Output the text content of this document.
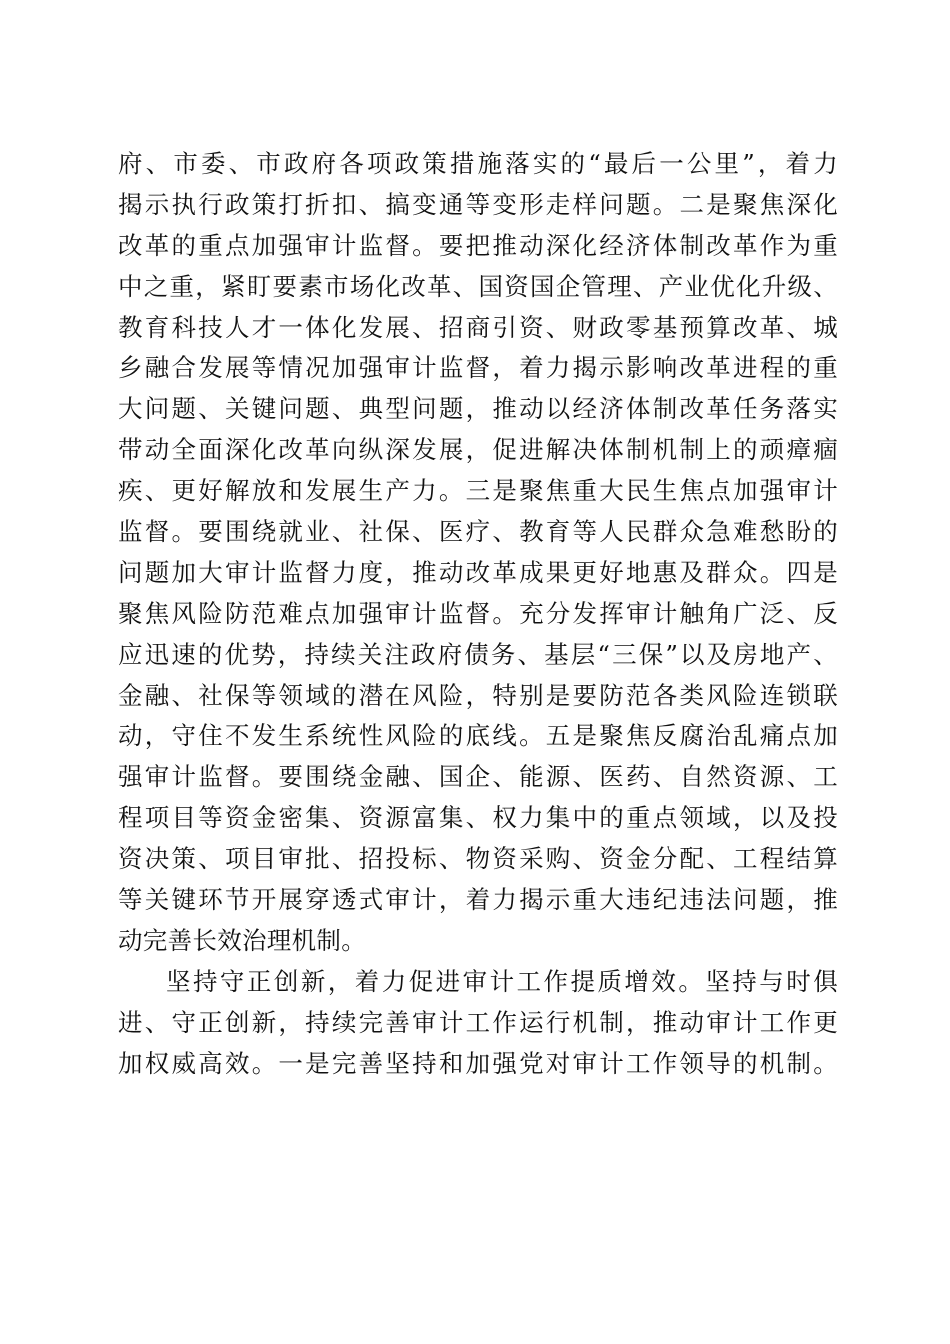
府、市委、市政府各项政策措施落实的“最后一公里”，着力
揭示执行政策打折扣、搞变通等变形走样问题。二是聚焦深化
改革的重点加强审计监督。要把推动深化经济体制改革作为重
中之重，紧盯要素市场化改革、国资国企管理、产业优化升级、
教育科技人才一体化发展、招商引资、财政零基预算改革、城
乡融合发展等情况加强审计监督，着力揭示影响改革进程的重
大问题、关键问题、典型问题，推动以经济体制改革任务落实
带动全面深化改革向纵深发展，促进解决体制机制上的顽瘴痼
疾、更好解放和发展生产力。三是聚焦重大民生焦点加强审计
监督。要围绕就业、社保、医疗、教育等人民群众急难愁盼的
问题加大审计监督力度，推动改革成果更好地惠及群众。四是
聚焦风险防范难点加强审计监督。充分发挥审计触角广泛、反
应迅速的优势，持续关注政府债务、基层“三保”以及房地产、
金融、社保等领域的潜在风险，特别是要防范各类风险连锁联
动，守住不发生系统性风险的底线。五是聚焦反腐治乱痛点加
强审计监督。要围绕金融、国企、能源、医药、自然资源、工
程项目等资金密集、资源富集、权力集中的重点领域，以及投
资决策、项目审批、招投标、物资采购、资金分配、工程结算
等关键环节开展穿透式审计，着力揭示重大违纪违法问题，推
动完善长效治理机制。
坚持守正创新，着力促进审计工作提质增效。坚持与时俱
进、守正创新，持续完善审计工作运行机制，推动审计工作更
加权威高效。一是完善坚持和加强党对审计工作领导的机制。
